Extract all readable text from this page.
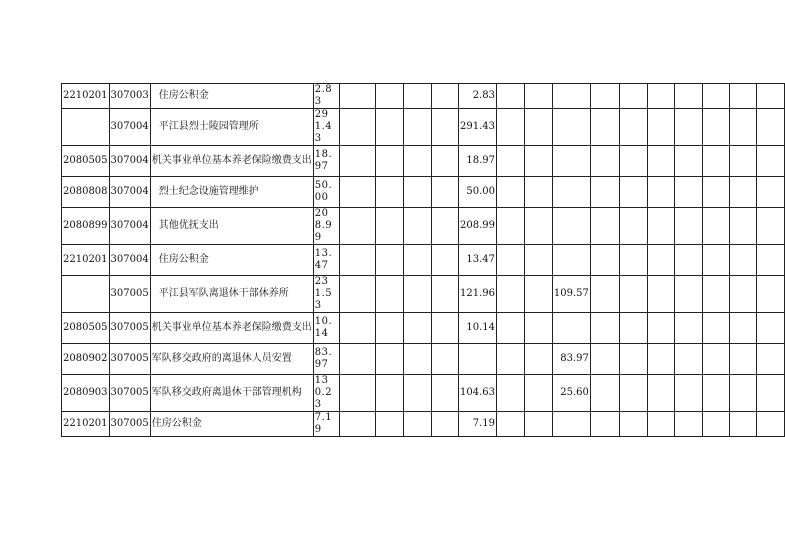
2210201	307003	住房公积金	2.83					2.83										
	307004	平江县烈士陵园管理所	291.43					291.43										
2080505	307004	机关事业单位基本养老保险缴费支出	18.97					18.97										
2080808	307004	烈士纪念设施管理维护	50.00					50.00										
2080899	307004	其他优抚支出	208.99					208.99										
2210201	307004	住房公积金	13.47					13.47										
	307005	平江县军队离退休干部休养所	231.53					121.96			109.57							
2080505	307005	机关事业单位基本养老保险缴费支出	10.14					10.14										
2080902	307005	军队移交政府的离退休人员安置	83.97								83.97							
2080903	307005	军队移交政府离退休干部管理机构	130.23					104.63			25.60							
2210201	307005	住房公积金	7.19					7.19										
